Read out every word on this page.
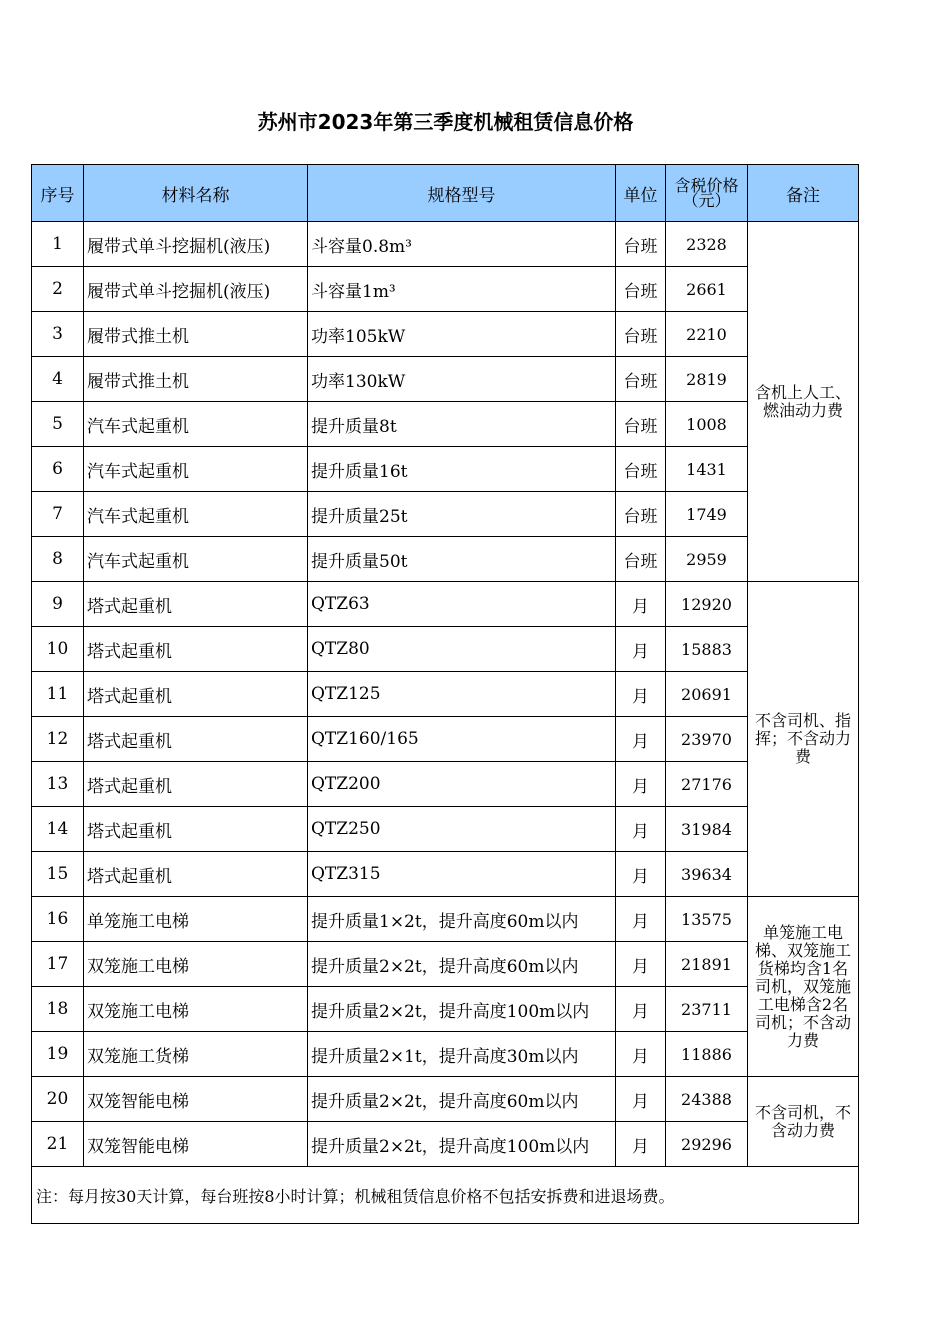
苏州市2023年第三季度机械租赁信息价格
序号	材料名称	规格型号	单位	含税价格（元）	备注
1	履带式单斗挖掘机(液压)	斗容量0.8m³	台班	2328	含机上人工、燃油动力费
2	履带式单斗挖掘机(液压)	斗容量1m³	台班	2661	
3	履带式推土机	功率105kW	台班	2210	
4	履带式推土机	功率130kW	台班	2819	
5	汽车式起重机	提升质量8t	台班	1008	
6	汽车式起重机	提升质量16t	台班	1431	
7	汽车式起重机	提升质量25t	台班	1749	
8	汽车式起重机	提升质量50t	台班	2959	
9	塔式起重机	QTZ63	月	12920	不含司机、指挥；不含动力费
10	塔式起重机	QTZ80	月	15883	
11	塔式起重机	QTZ125	月	20691	
12	塔式起重机	QTZ160/165	月	23970	
13	塔式起重机	QTZ200	月	27176	
14	塔式起重机	QTZ250	月	31984	
15	塔式起重机	QTZ315	月	39634	
16	单笼施工电梯	提升质量1×2t，提升高度60m以内	月	13575	单笼施工电梯、双笼施工货梯均含1名司机，双笼施工电梯含2名司机；不含动力费
17	双笼施工电梯	提升质量2×2t，提升高度60m以内	月	21891	
18	双笼施工电梯	提升质量2×2t，提升高度100m以内	月	23711	
19	双笼施工货梯	提升质量2×1t，提升高度30m以内	月	11886	
20	双笼智能电梯	提升质量2×2t，提升高度60m以内	月	24388	不含司机，不含动力费
21	双笼智能电梯	提升质量2×2t，提升高度100m以内	月	29296	
注：每月按30天计算，每台班按8小时计算；机械租赁信息价格不包括安拆费和进退场费。					
